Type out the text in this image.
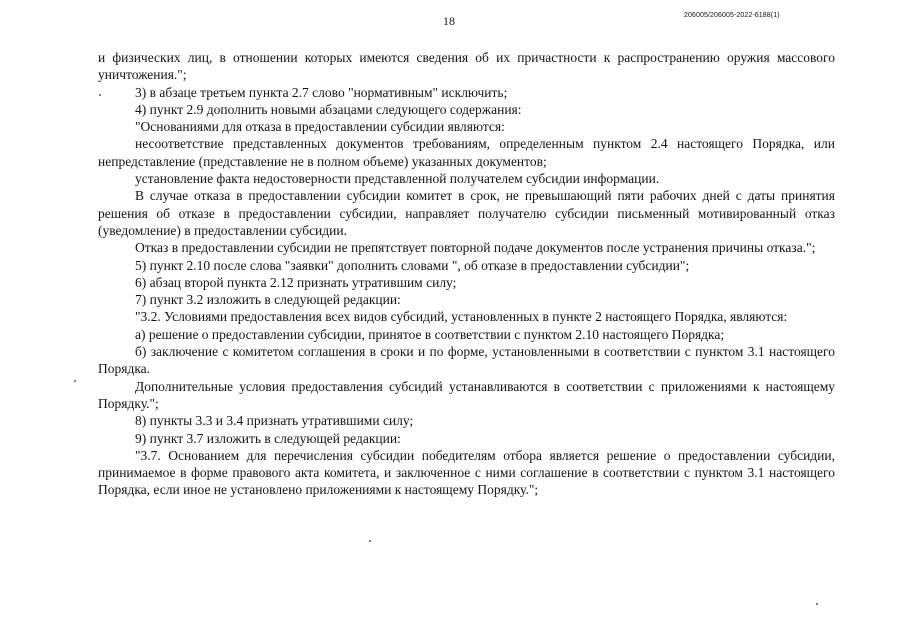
18	206005/206005-2022-6188(1)

и физических лиц, в отношении которых имеются сведения об их причастности к распространению оружия массового уничтожения.";

3) в абзаце третьем пункта 2.7 слово "нормативным" исключить;

4) пункт 2.9 дополнить новыми абзацами следующего содержания:

"Основаниями для отказа в предоставлении субсидии являются:

несоответствие представленных документов требованиям, определенным пунктом 2.4 настоящего Порядка, или непредставление (представление не в полном объеме) указанных документов;

установление факта недостоверности представленной получателем субсидии информации.

В случае отказа в предоставлении субсидии комитет в срок, не превышающий пяти рабочих дней с даты принятия решения об отказе в предоставлении субсидии, направляет получателю субсидии письменный мотивированный отказ (уведомление) в предоставлении субсидии.

Отказ в предоставлении субсидии не препятствует повторной подаче документов после устранения причины отказа.";

5) пункт 2.10 после слова "заявки" дополнить словами ", об отказе в предоставлении субсидии";

6) абзац второй пункта 2.12 признать утратившим силу;

7) пункт 3.2 изложить в следующей редакции:

"3.2. Условиями предоставления всех видов субсидий, установленных в пункте 2 настоящего Порядка, являются:

а) решение о предоставлении субсидии, принятое в соответствии с пунктом 2.10 настоящего Порядка;

б) заключение с комитетом соглашения в сроки и по форме, установленными в соответствии с пунктом 3.1 настоящего Порядка.

Дополнительные условия предоставления субсидий устанавливаются в соответствии с приложениями к настоящему Порядку.";

8) пункты 3.3 и 3.4 признать утратившими силу;

9) пункт 3.7 изложить в следующей редакции:

"3.7. Основанием для перечисления субсидии победителям отбора является решение о предоставлении субсидии, принимаемое в форме правового акта комитета, и заключенное с ними соглашение в соответствии с пунктом 3.1 настоящего Порядка, если иное не установлено приложениями к настоящему Порядку.";
